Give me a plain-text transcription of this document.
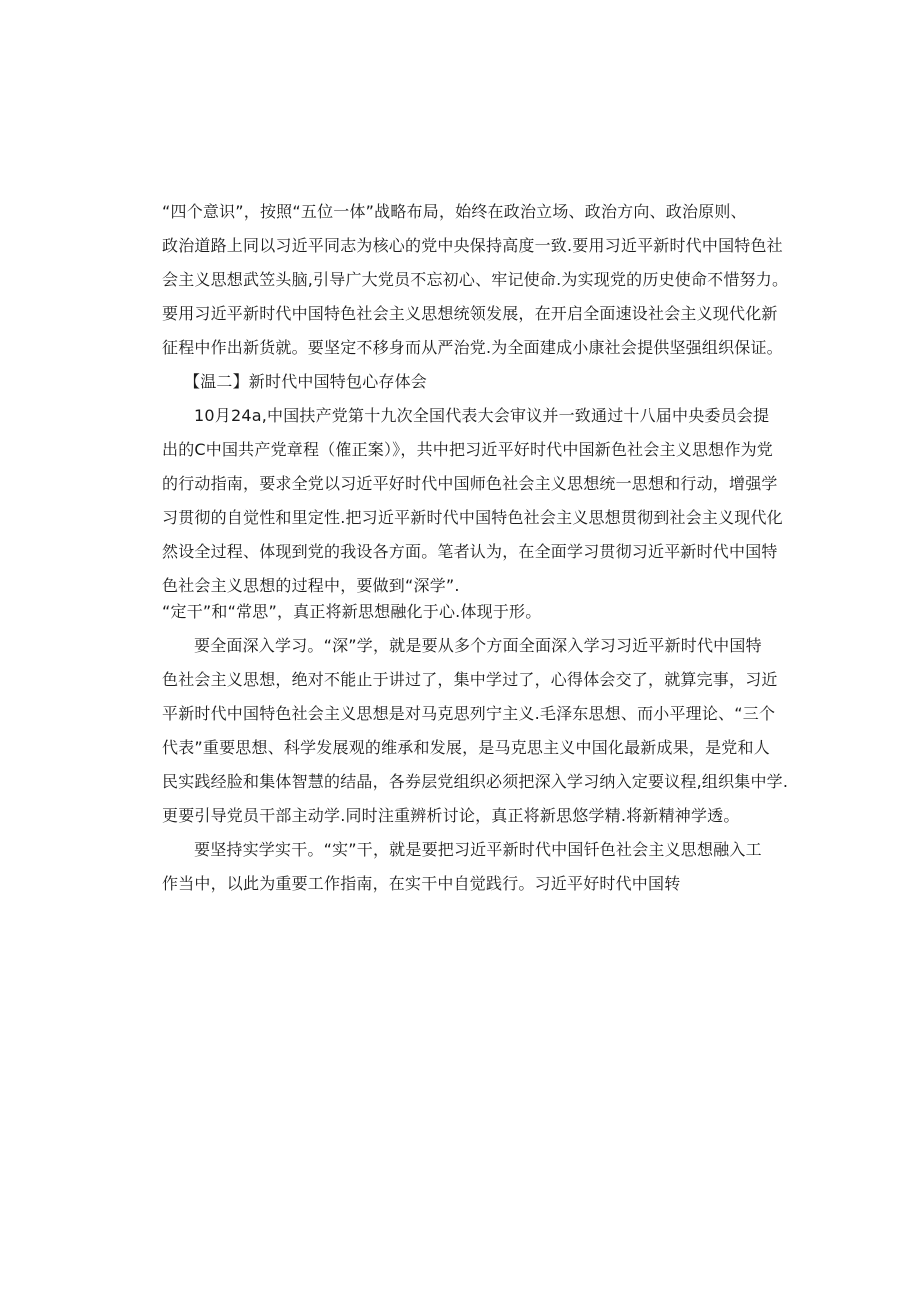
“四个意识”，按照“五位一体”战略布局，始终在政治立场、政治方向、政治原则、

政治道路上同以习近平同志为核心的党中央保持高度一致.要用习近平新时代中国特色社

会主义思想武笠头脑,引导广大党员不忘初心、牢记使命.为实现党的历史使命不惜努力。

要用习近平新时代中国特色社会主义思想统领发展，在开启全面速设社会主义现代化新

征程中作出新货就。要坚定不移身而从严治党.为全面建成小康社会提供坚强组织保证。

【温二】新时代中国特包心存体会

10月24a,中国扶产党第十九次全国代表大会审议并一致通过十八届中央委员会提

出的C中国共产党章程（傕正案）》，共中把习近平好时代中国新色社会主义思想作为党

的行动指南，要求全党以习近平好时代中国师色社会主义思想统一思想和行动，增强学

习贯彻的自觉性和里定性.把习近平新时代中国特色社会主义思想贯彻到社会主义现代化

然设全过程、体现到党的我设各方面。笔者认为，在全面学习贯彻习近平新时代中国特

色社会主义思想的过程中，要做到“深学”.

“定干”和“常思”，真正将新思想融化于心.体现于形。

要全面深入学习。“深”学，就是要从多个方面全面深入学习习近平新时代中国特

色社会主义思想，绝对不能止于讲过了，集中学过了，心得体会交了，就算完事，习近

平新时代中国特色社会主义思想是对马克思列宁主义.毛泽东思想、而小平理论、“三个

代表”重要思想、科学发展观的维承和发展，是马克思主义中国化最新成果，是党和人

民实践经脸和集体智慧的结晶，各券层党组织必须把深入学习纳入定要议程,组织集中学.

更要引导党员干部主动学.同时注重辨析讨论，真正将新思悠学精.将新精神学透。

要坚持实学实干。“实”干，就是要把习近平新时代中国钎色社会主义思想融入工

作当中，以此为重要工作指南，在实干中自觉践行。习近平好时代中国转
